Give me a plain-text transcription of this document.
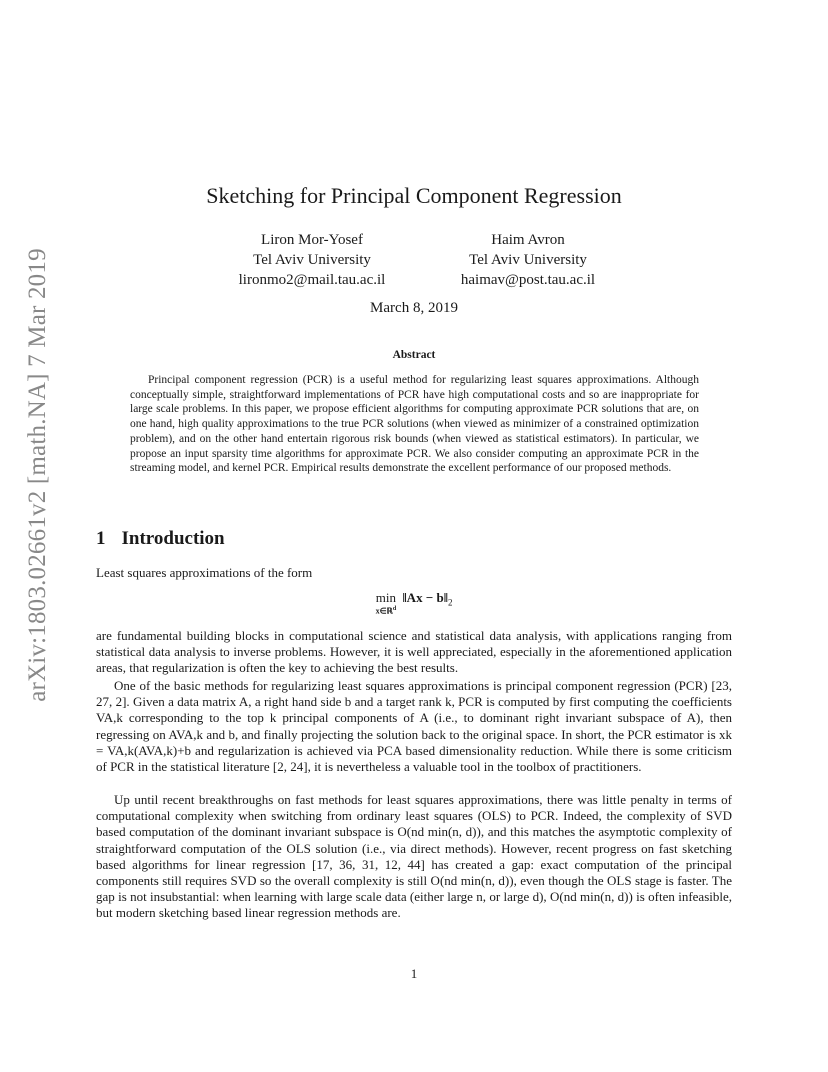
arXiv:1803.02661v2 [math.NA] 7 Mar 2019
Sketching for Principal Component Regression
Liron Mor-Yosef
Tel Aviv University
lironmo2@mail.tau.ac.il
Haim Avron
Tel Aviv University
haimav@post.tau.ac.il
March 8, 2019
Abstract

Principal component regression (PCR) is a useful method for regularizing least squares approximations. Although conceptually simple, straightforward implementations of PCR have high computational costs and so are inappropriate for large scale problems. In this paper, we propose efficient algorithms for computing approximate PCR solutions that are, on one hand, high quality approximations to the true PCR solutions (when viewed as minimizer of a constrained optimization problem), and on the other hand entertain rigorous risk bounds (when viewed as statistical estimators). In particular, we propose an input sparsity time algorithms for approximate PCR. We also consider computing an approximate PCR in the streaming model, and kernel PCR. Empirical results demonstrate the excellent performance of our proposed methods.

1 Introduction

Least squares approximations of the form

min
x∈ℝ$^d$
‖Ax − $b‖_2$

are fundamental building blocks in computational science and statistical data analysis, with applications ranging from statistical data analysis to inverse problems. However, it is well appreciated, especially in the aforementioned application areas, that regularization is often the key to achieving the best results.

One of the basic methods for regularizing least squares approximations is principal component regression (PCR) [23, 27, 2]. Given a data matrix A, a right hand side b and a target rank k, PCR is computed by first computing the coefficients VA,k corresponding to the top k principal components of A (i.e., to dominant right invariant subspace of A), then regressing on AVA,k and b, and finally projecting the solution back to the original space. In short, the PCR estimator is xk = VA,k(AVA,k)+b and regularization is achieved via PCA based dimensionality reduction. While there is some criticism of PCR in the statistical literature [2, 24], it is nevertheless a valuable tool in the toolbox of practitioners.

Up until recent breakthroughs on fast methods for least squares approximations, there was little penalty in terms of computational complexity when switching from ordinary least squares (OLS) to PCR. Indeed, the complexity of SVD based computation of the dominant invariant subspace is O(nd min(n, d)), and this matches the asymptotic complexity of straightforward computation of the OLS solution (i.e., via direct methods). However, recent progress on fast sketching based algorithms for linear regression [17, 36, 31, 12, 44] has created a gap: exact computation of the principal components still requires SVD so the overall complexity is still O(nd min(n, d)), even though the OLS stage is faster. The gap is not insubstantial: when learning with large scale data (either large n, or large d), O(nd min(n, d)) is often infeasible, but modern sketching based linear regression methods are.

1
